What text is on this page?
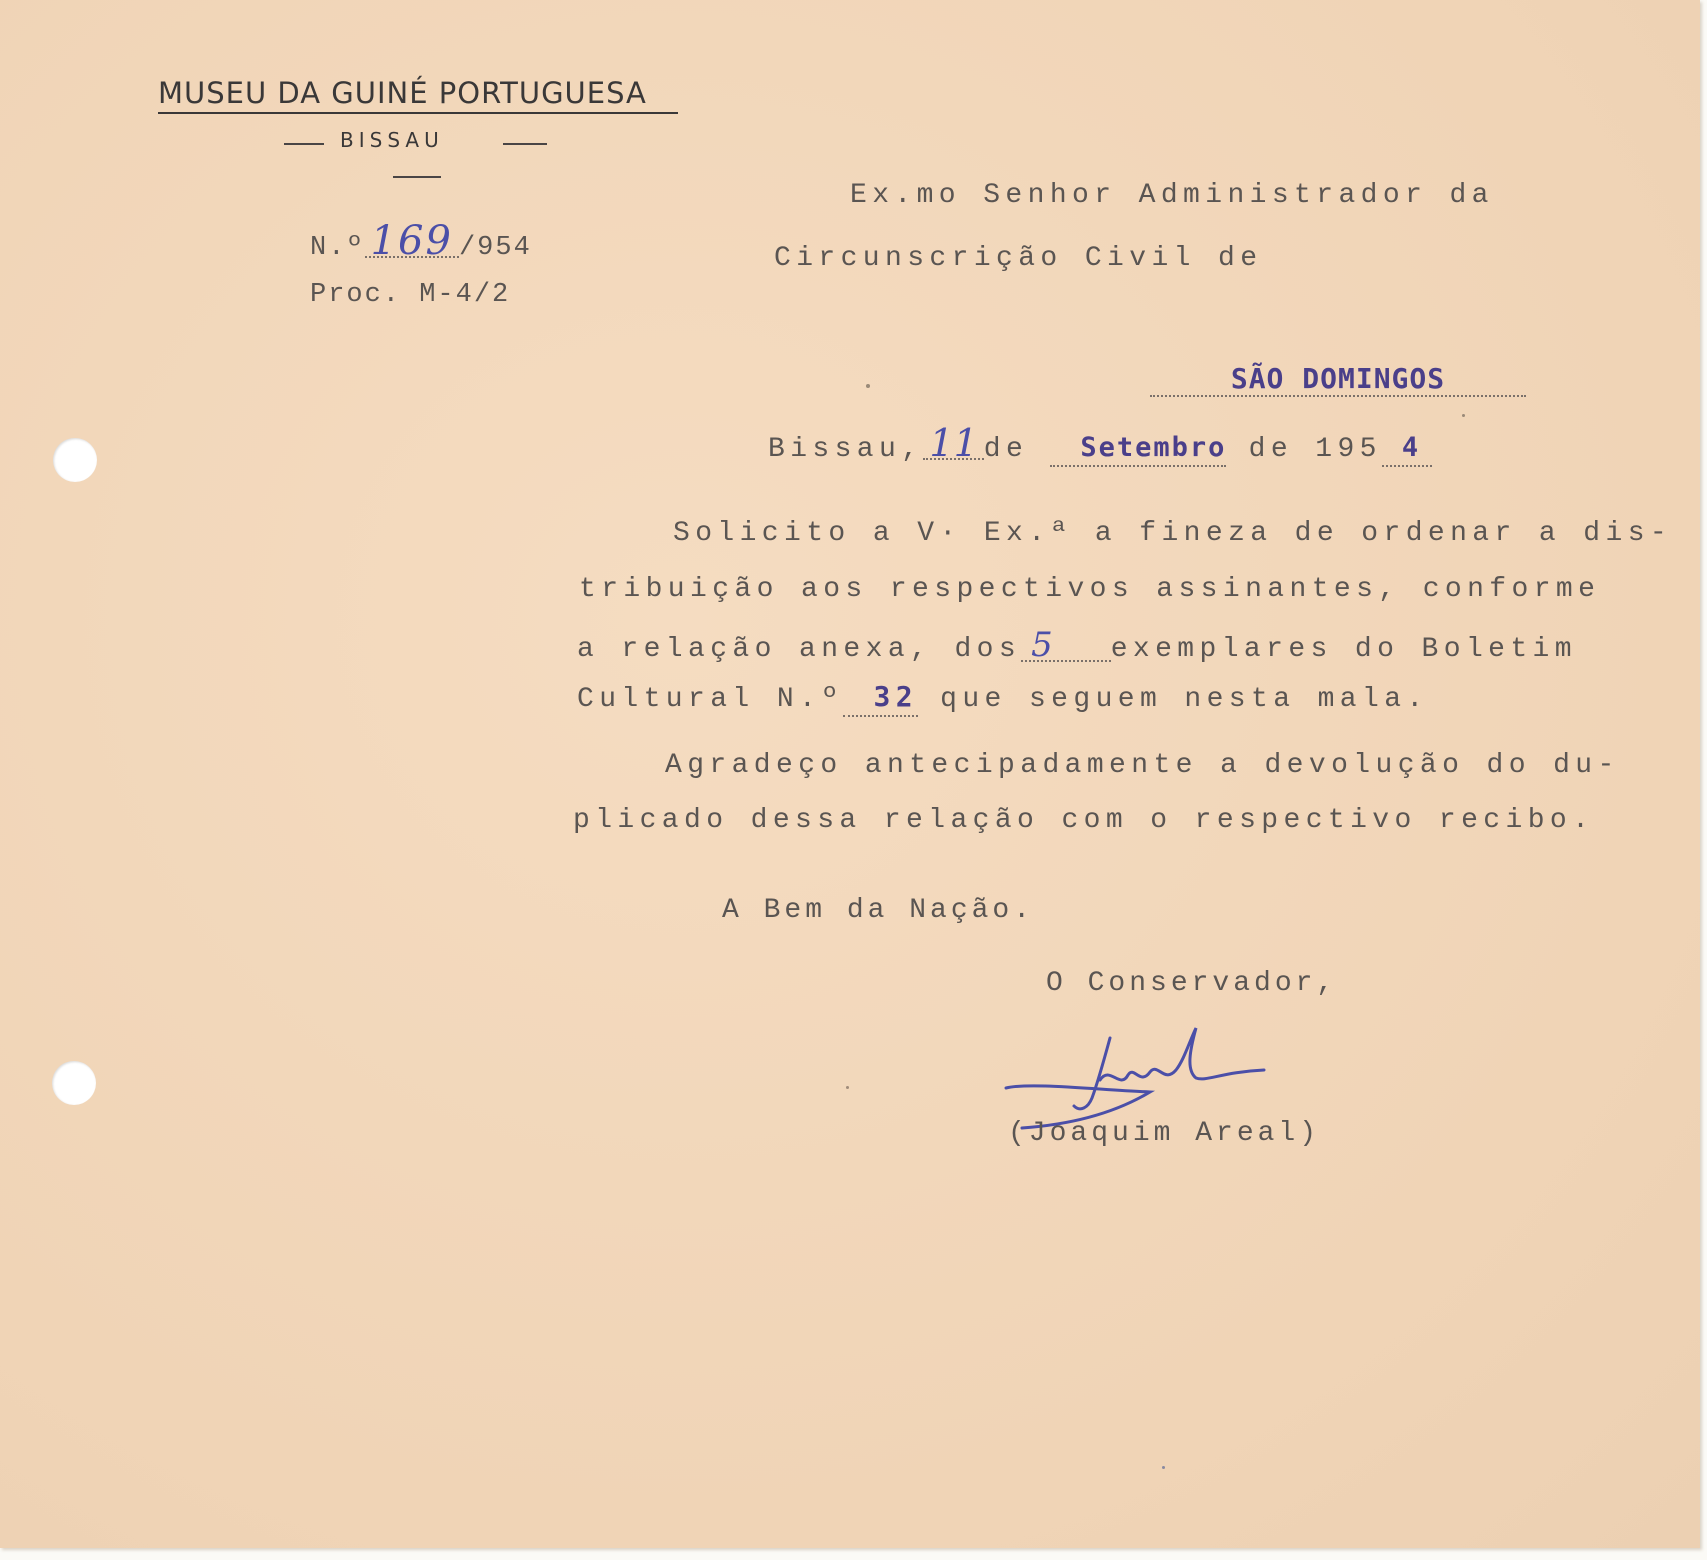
MUSEU DA GUINÉ PORTUGUESA
BISSAU
N.º 169 /954
Proc. M-4/2
Ex.mo Senhor Administrador da
Circunscrição Civil de
SÃO DOMINGOS
Bissau, 11 de Setembro de 195 4
Solicito a V· Ex.ª a fineza de ordenar a dis-
tribuição aos respectivos assinantes, conforme
a relação anexa, dos 5 exemplares do Boletim
Cultural N.º 32 que seguem nesta mala.
Agradeço antecipadamente a devolução do du-
plicado dessa relação com o respectivo recibo.
A Bem da Nação.
O Conservador,
(Joaquim Areal)
